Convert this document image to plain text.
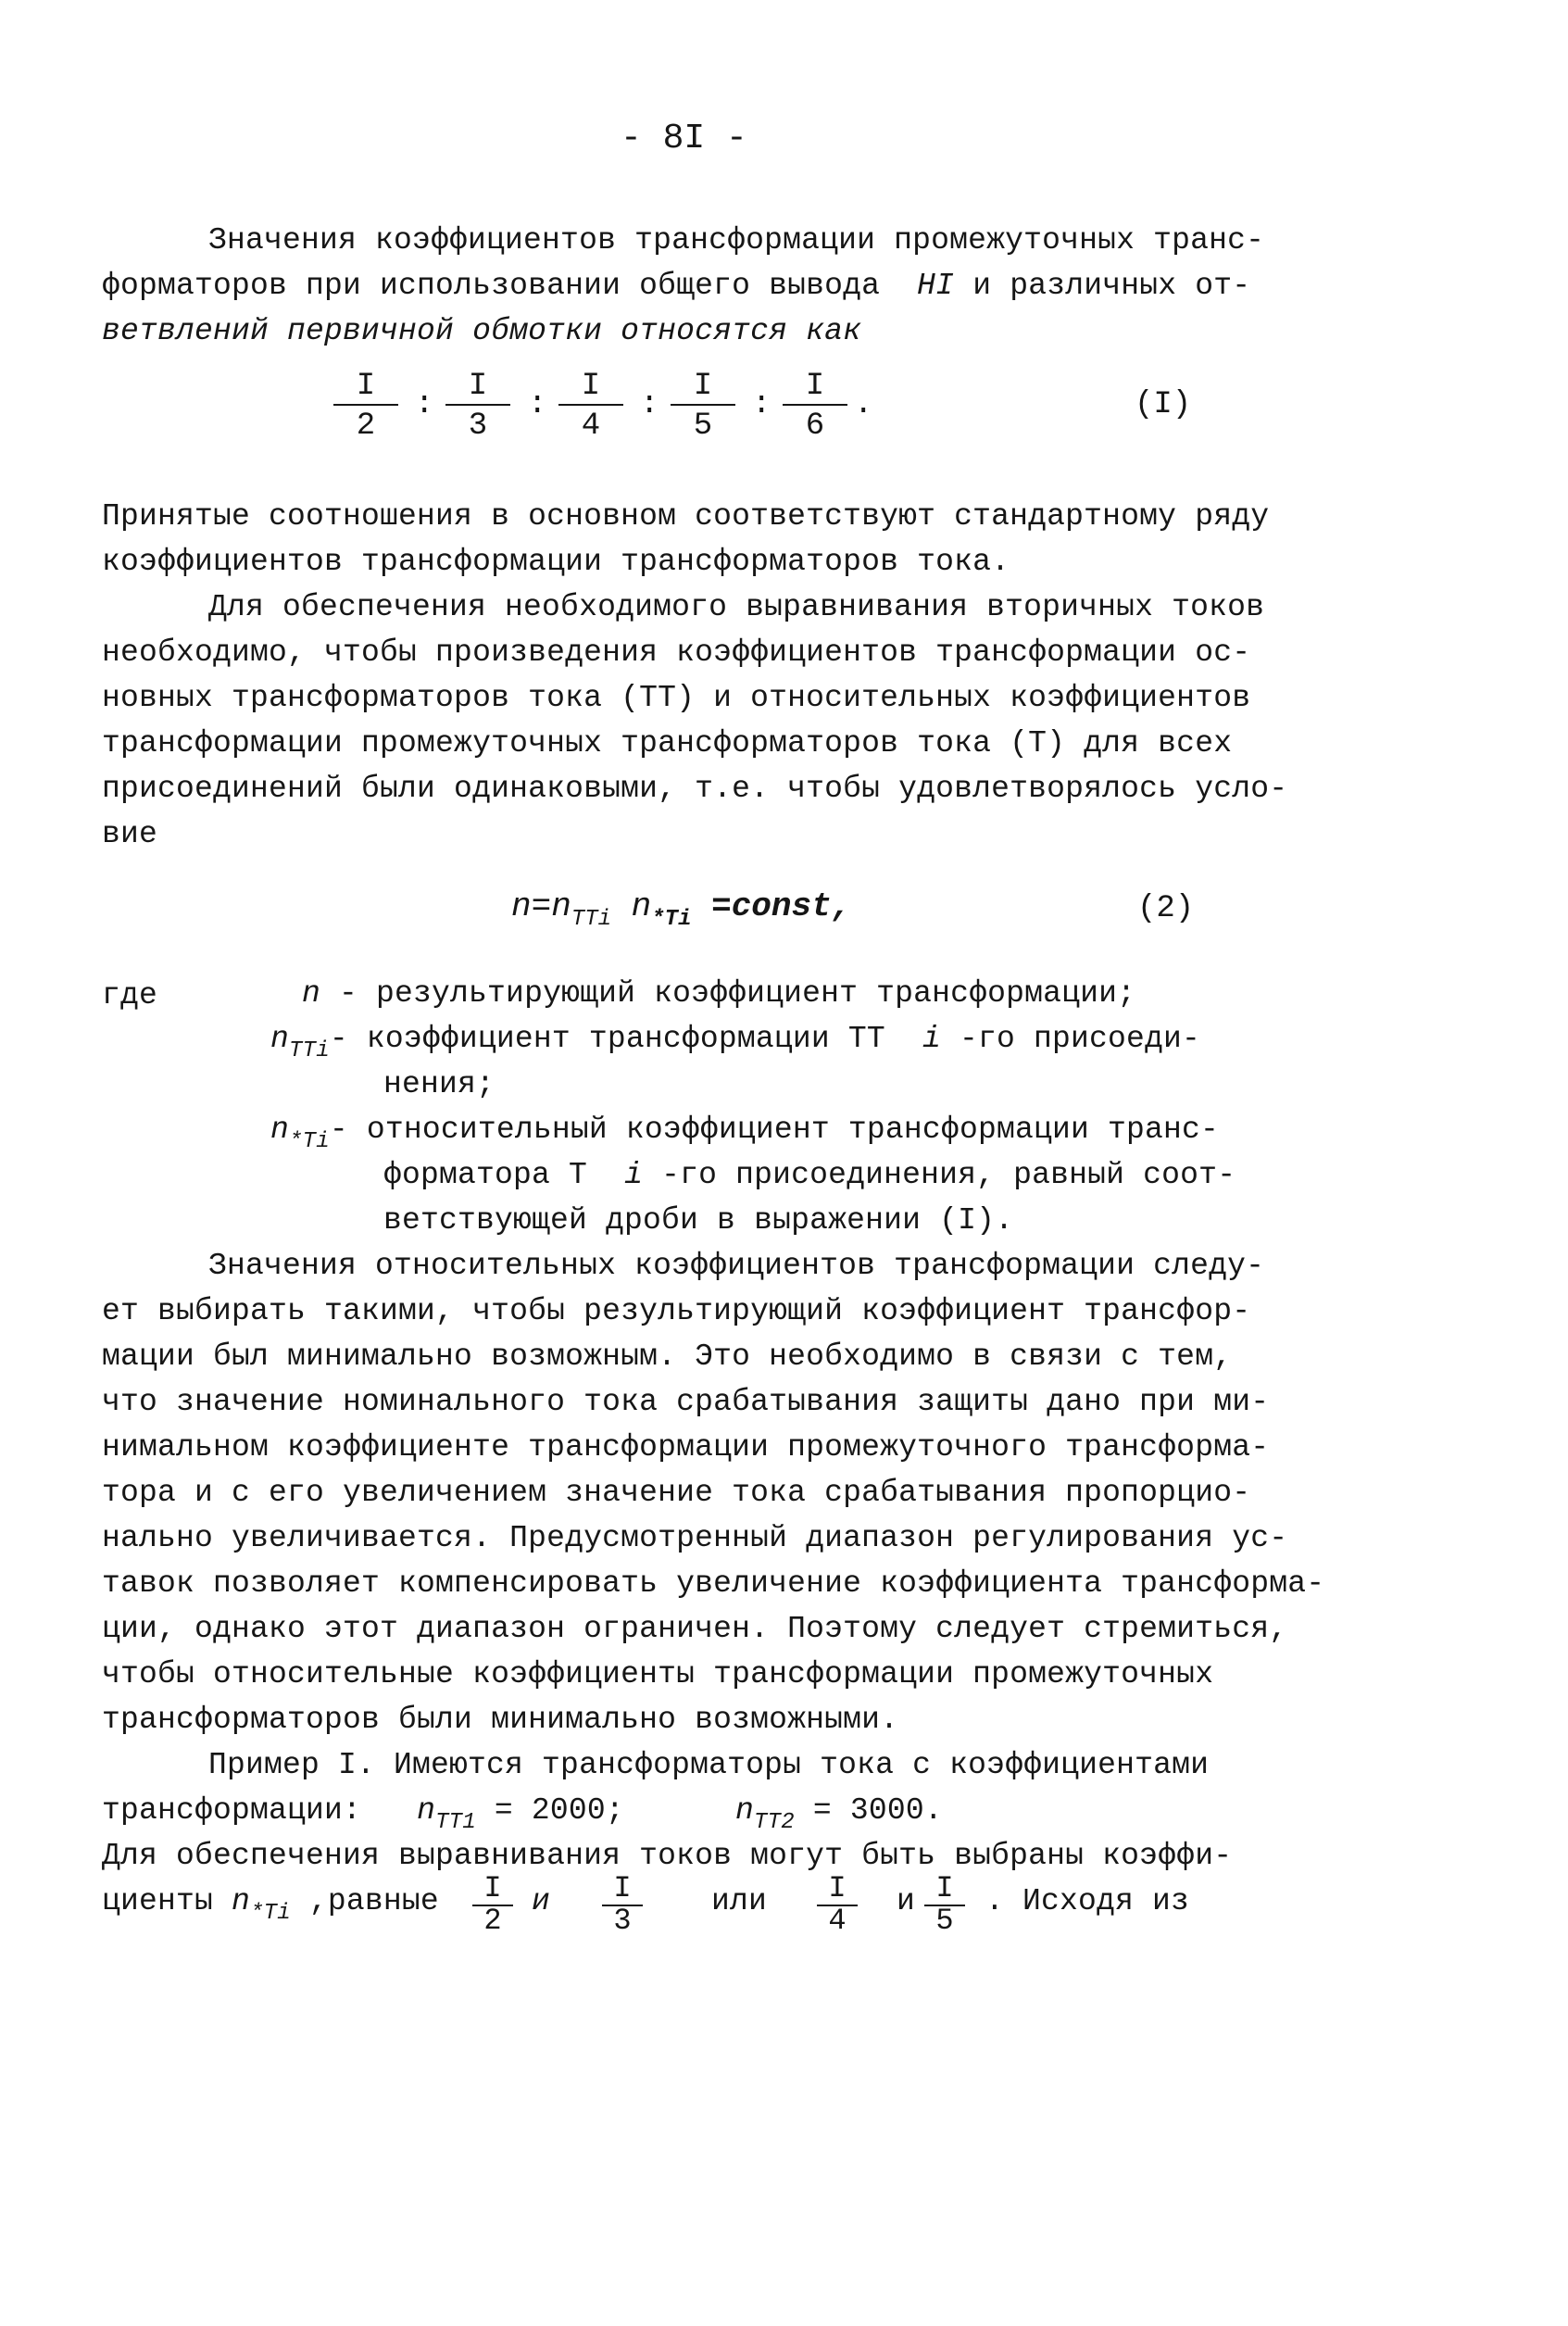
- 8I -
Значения коэффициентов трансформации промежуточных транс-
форматоров при использовании общего вывода HI и различных от-
ветвлений первичной обмотки относятся как
$\frac{I}{2}$ : $\frac{I}{3}$ : $\frac{I}{4}$ : $\frac{I}{5}$ : $\frac{I}{6}$ .	(I)
Принятые соотношения в основном соответствуют стандартному ряду
коэффициентов трансформации трансформаторов тока.
Для обеспечения необходимого выравнивания вторичных токов
необходимо, чтобы произведения коэффициентов трансформации ос-
новных трансформаторов тока (ТТ) и относительных коэффициентов
трансформации промежуточных трансформаторов тока (Т) для всех
присоединений были одинаковыми, т.е. чтобы удовлетворялось усло-
вие
$n=n_{TTi}$ $n_{*Ti}$ =const,	(2)
где	n - результирующий коэффициент трансформации;
$n_{TTi}-$ коэффициент трансформации ТТ i -го присоеди-
нения;
$n_{*Ti}-$ относительный коэффициент трансформации транс-
форматора Т i -го присоединения, равный соот-
ветствующей дроби в выражении (I).
Значения относительных коэффициентов трансформации следу-
ет выбирать такими, чтобы результирующий коэффициент трансфор-
мации был минимально возможным. Это необходимо в связи с тем,
что значение номинального тока срабатывания защиты дано при ми-
нимальном коэффициенте трансформации промежуточного трансформа-
тора и с его увеличением значение тока срабатывания пропорцио-
нально увеличивается. Предусмотренный диапазон регулирования ус-
тавок позволяет компенсировать увеличение коэффициента трансформа-
ции, однако этот диапазон ограничен. Поэтому следует стремиться,
чтобы относительные коэффициенты трансформации промежуточных
трансформаторов были минимально возможными.
Пример I. Имеются трансформаторы тока с коэффициентами
трансформации: $n_{TT1} = 2000$;	$n_{TT2} = 3000$.
Для обеспечения выравнивания токов могут быть выбраны коэффи-
циенты $n_{*Ti}$ ,равные $\frac{I}{2}$ и $\frac{I}{3}$ или $\frac{I}{4}$ и $\frac{I}{5}$ . Исходя из
